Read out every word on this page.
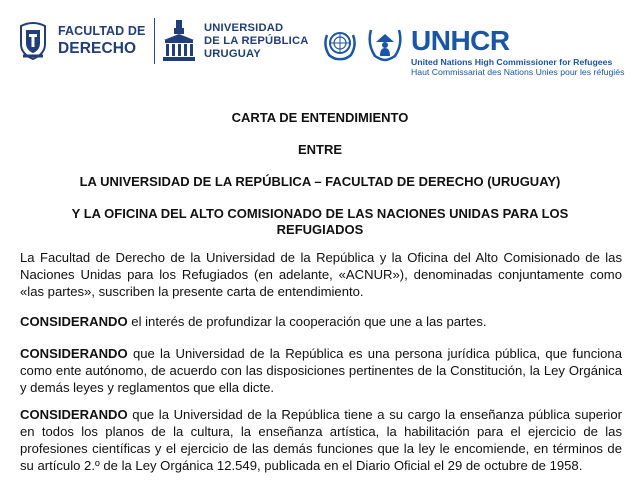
FACULTAD DE
DERECHO
UNIVERSIDAD
DE LA REPÚBLICA
URUGUAY	UNHCR
United Nations High Commissioner for Refugees
Haut Commissariat des Nations Unies pour les réfugiés
CARTA DE ENTENDIMIENTO
ENTRE
LA UNIVERSIDAD DE LA REPÚBLICA – FACULTAD DE DERECHO (URUGUAY)
Y LA OFICINA DEL ALTO COMISIONADO DE LAS NACIONES UNIDAS PARA LOS REFUGIADOS
La Facultad de Derecho de la Universidad de la República y la Oficina del Alto Comisionado de las Naciones Unidas para los Refugiados (en adelante, «ACNUR»), denominadas conjuntamente como «las partes», suscriben la presente carta de entendimiento.
CONSIDERANDO el interés de profundizar la cooperación que une a las partes.
CONSIDERANDO que la Universidad de la República es una persona jurídica pública, que funciona como ente autónomo, de acuerdo con las disposiciones pertinentes de la Constitución, la Ley Orgánica y demás leyes y reglamentos que ella dicte.
CONSIDERANDO que la Universidad de la República tiene a su cargo la enseñanza pública superior en todos los planos de la cultura, la enseñanza artística, la habilitación para el ejercicio de las profesiones científicas y el ejercicio de las demás funciones que la ley le encomiende, en términos de su artículo 2.º de la Ley Orgánica 12.549, publicada en el Diario Oficial el 29 de octubre de 1958.
